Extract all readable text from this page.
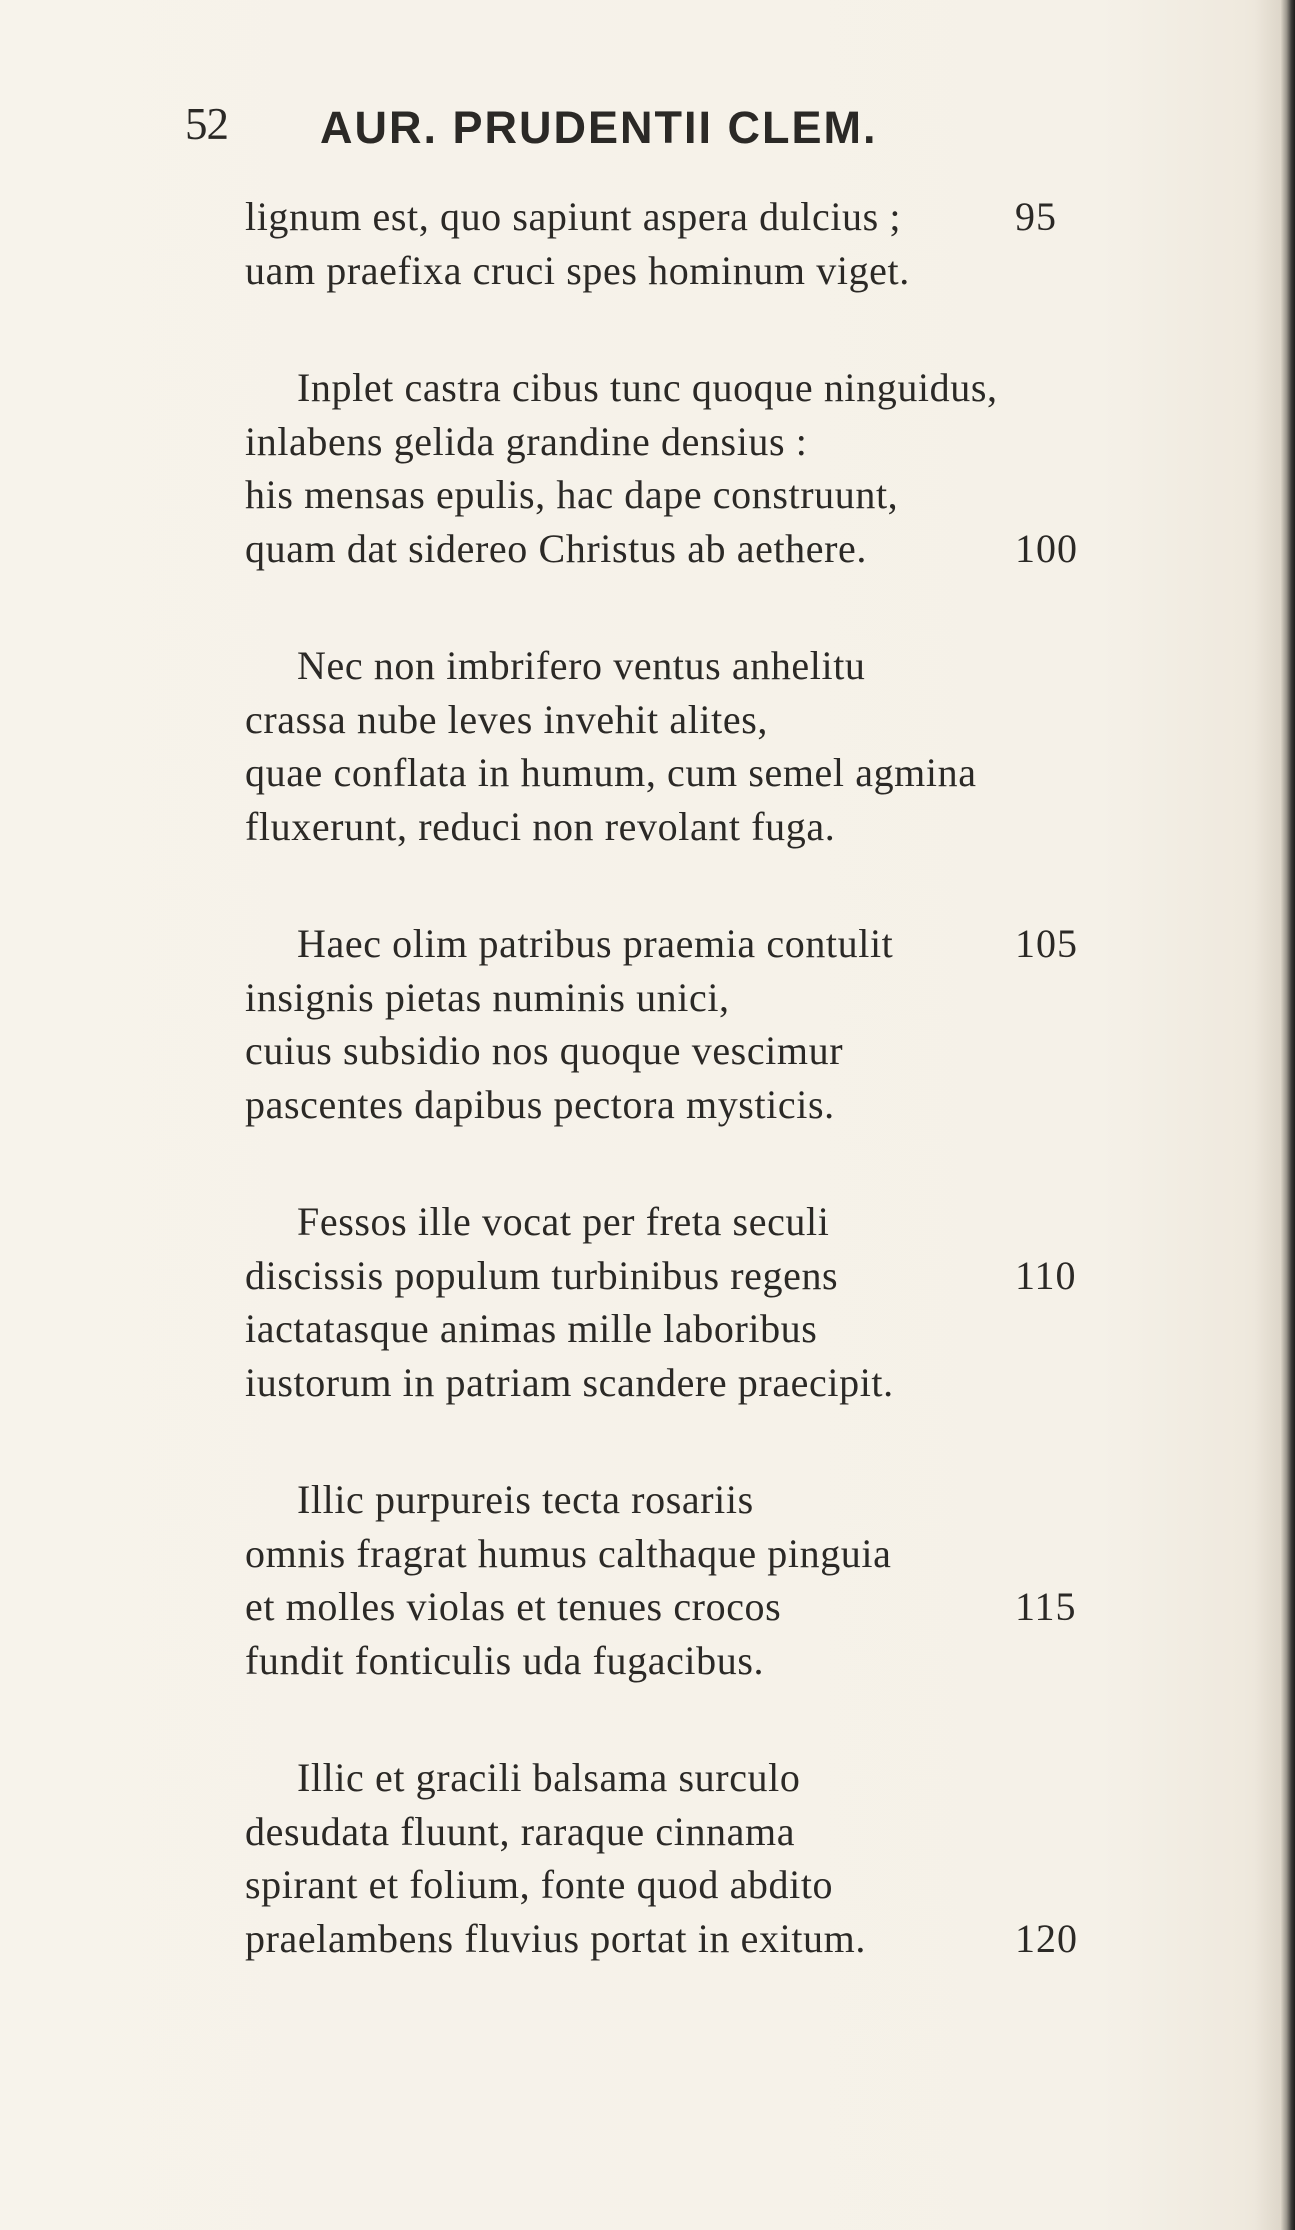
52 AUR. PRUDENTII CLEM.
lignum est, quo sapiunt aspera dulcius ;	95
uam praefixa cruci spes hominum viget.
Inplet castra cibus tunc quoque ninguidus,
inlabens gelida grandine densius :
his mensas epulis, hac dape construunt,
quam dat sidereo Christus ab aethere.	100
Nec non imbrifero ventus anhelitu
crassa nube leves invehit alites,
quae conflata in humum, cum semel agmina
fluxerunt, reduci non revolant fuga.
Haec olim patribus praemia contulit	105
insignis pietas numinis unici,
cuius subsidio nos quoque vescimur
pascentes dapibus pectora mysticis.
Fessos ille vocat per freta seculi
discissis populum turbinibus regens	110
iactatasque animas mille laboribus
iustorum in patriam scandere praecipit.
Illic purpureis tecta rosariis
omnis fragrat humus calthaque pinguia
et molles violas et tenues crocos	115
fundit fonticulis uda fugacibus.
Illic et gracili balsama surculo
desudata fluunt, raraque cinnama
spirant et folium, fonte quod abdito
praelambens fluvius portat in exitum.	120
